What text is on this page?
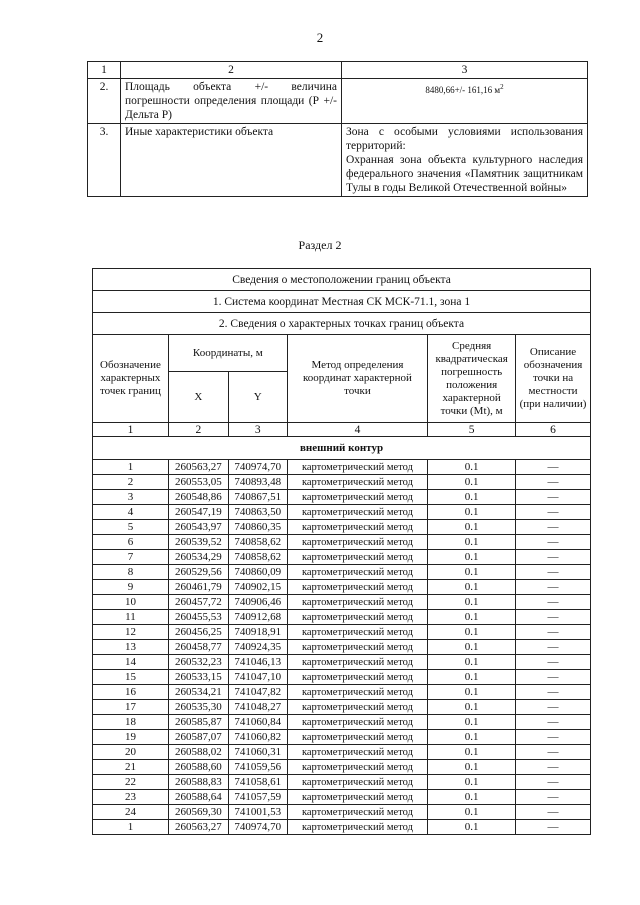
2
1	2	3
2.	Площадь объекта +/- величина погрешности определения площади (Р +/- Дельта Р)	8480,66+/- 161,16 $м^2$
3.	Иные характеристики объекта	Зона с особыми условиями использования территорий:
Охранная зона объекта культурного наследия федерального значения «Памятник защитникам Тулы в годы Великой Отечественной войны»
Раздел 2
Сведения о местоположении границ объекта					
1. Система координат Местная СК МСК-71.1, зона 1					
2. Сведения о характерных точках границ объекта					
Обозначение характерных точек границ	Координаты, м		Метод определения координат характерной точки	Средняя квадратическая погрешность положения характерной точки (Mt), м	Описание обозначения точки на местности (при наличии)
	X	Y			
1	2	3	4	5	6
внешний контур					
1	260563,27	740974,70	картометрический метод	0.1	—
2	260553,05	740893,48	картометрический метод	0.1	—
3	260548,86	740867,51	картометрический метод	0.1	—
4	260547,19	740863,50	картометрический метод	0.1	—
5	260543,97	740860,35	картометрический метод	0.1	—
6	260539,52	740858,62	картометрический метод	0.1	—
7	260534,29	740858,62	картометрический метод	0.1	—
8	260529,56	740860,09	картометрический метод	0.1	—
9	260461,79	740902,15	картометрический метод	0.1	—
10	260457,72	740906,46	картометрический метод	0.1	—
11	260455,53	740912,68	картометрический метод	0.1	—
12	260456,25	740918,91	картометрический метод	0.1	—
13	260458,77	740924,35	картометрический метод	0.1	—
14	260532,23	741046,13	картометрический метод	0.1	—
15	260533,15	741047,10	картометрический метод	0.1	—
16	260534,21	741047,82	картометрический метод	0.1	—
17	260535,30	741048,27	картометрический метод	0.1	—
18	260585,87	741060,84	картометрический метод	0.1	—
19	260587,07	741060,82	картометрический метод	0.1	—
20	260588,02	741060,31	картометрический метод	0.1	—
21	260588,60	741059,56	картометрический метод	0.1	—
22	260588,83	741058,61	картометрический метод	0.1	—
23	260588,64	741057,59	картометрический метод	0.1	—
24	260569,30	741001,53	картометрический метод	0.1	—
1	260563,27	740974,70	картометрический метод	0.1	—
